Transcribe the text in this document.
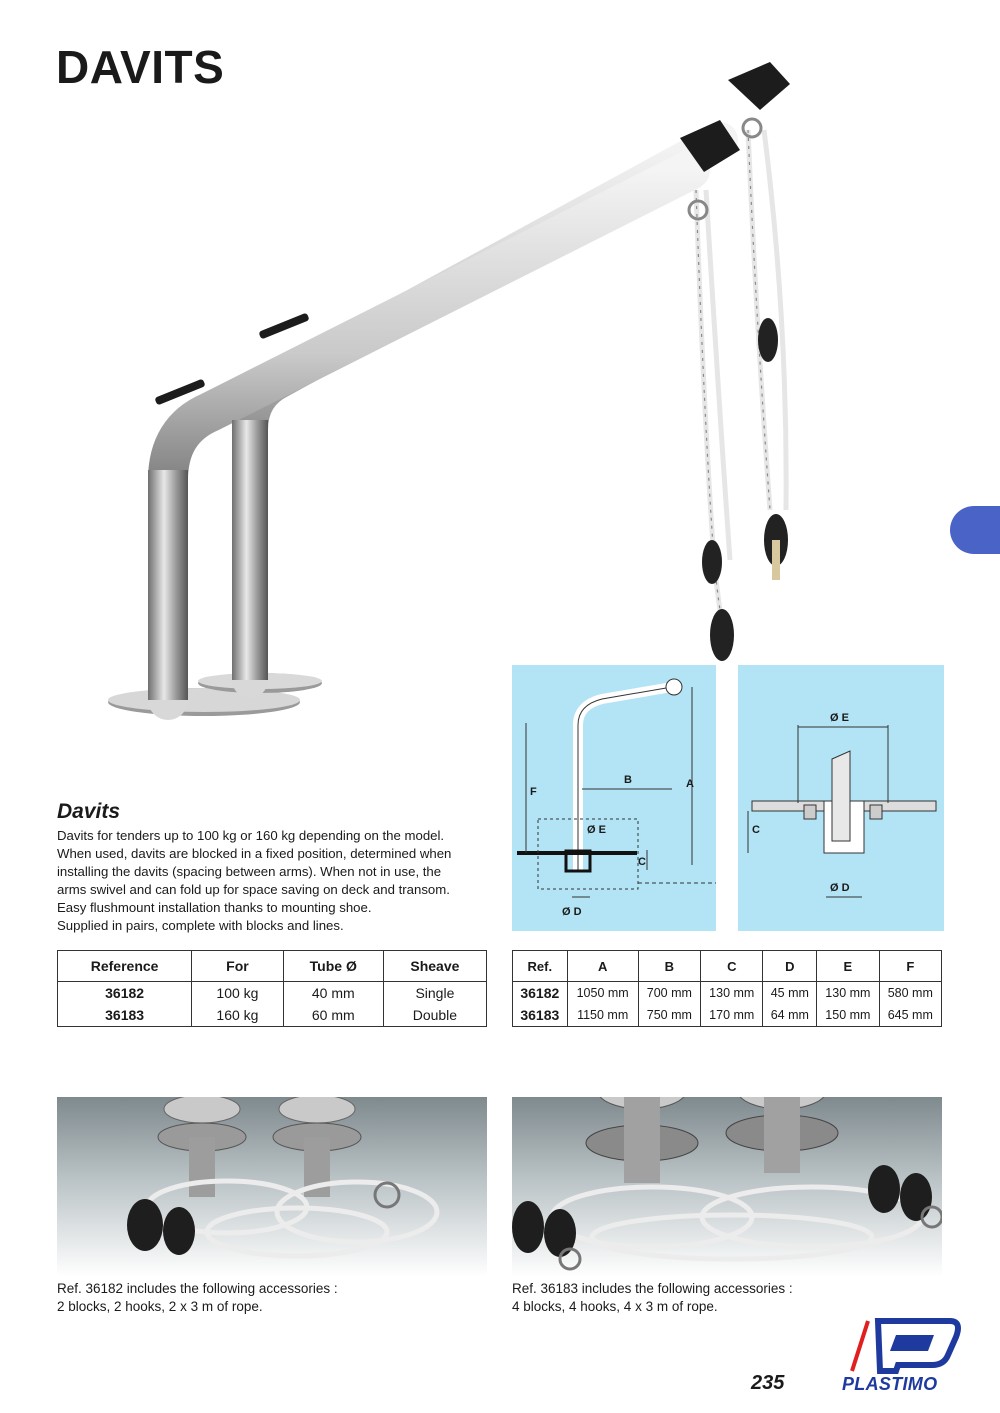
DAVITS
Davits
Davits for tenders up to 100 kg or 160 kg depending on the model.
When used, davits are blocked in a fixed position, determined when
installing the davits (spacing between arms). When not in use, the
arms swivel and can fold up for space saving on deck and transom.
Easy flushmount installation thanks to mounting shoe.
Supplied in pairs, complete with blocks and lines.
F
B	A
C
Ø E
Ø D
Ø E
C
Ø D
Reference	For	Tube Ø	Sheave
36182	100 kg	40 mm	Single
36183	160 kg	60 mm	Double
Ref.	A	B	C	D	E	F
36182	1050 mm	700 mm	130 mm	45 mm	130 mm	580 mm
36183	1150 mm	750 mm	170 mm	64 mm	150 mm	645 mm
Ref. 36182 includes the following accessories :
2 blocks, 2 hooks, 2 x 3 m of rope.
Ref. 36183 includes the following accessories :
4 blocks, 4 hooks, 4 x 3 m of rope.
235	PLASTIMO
